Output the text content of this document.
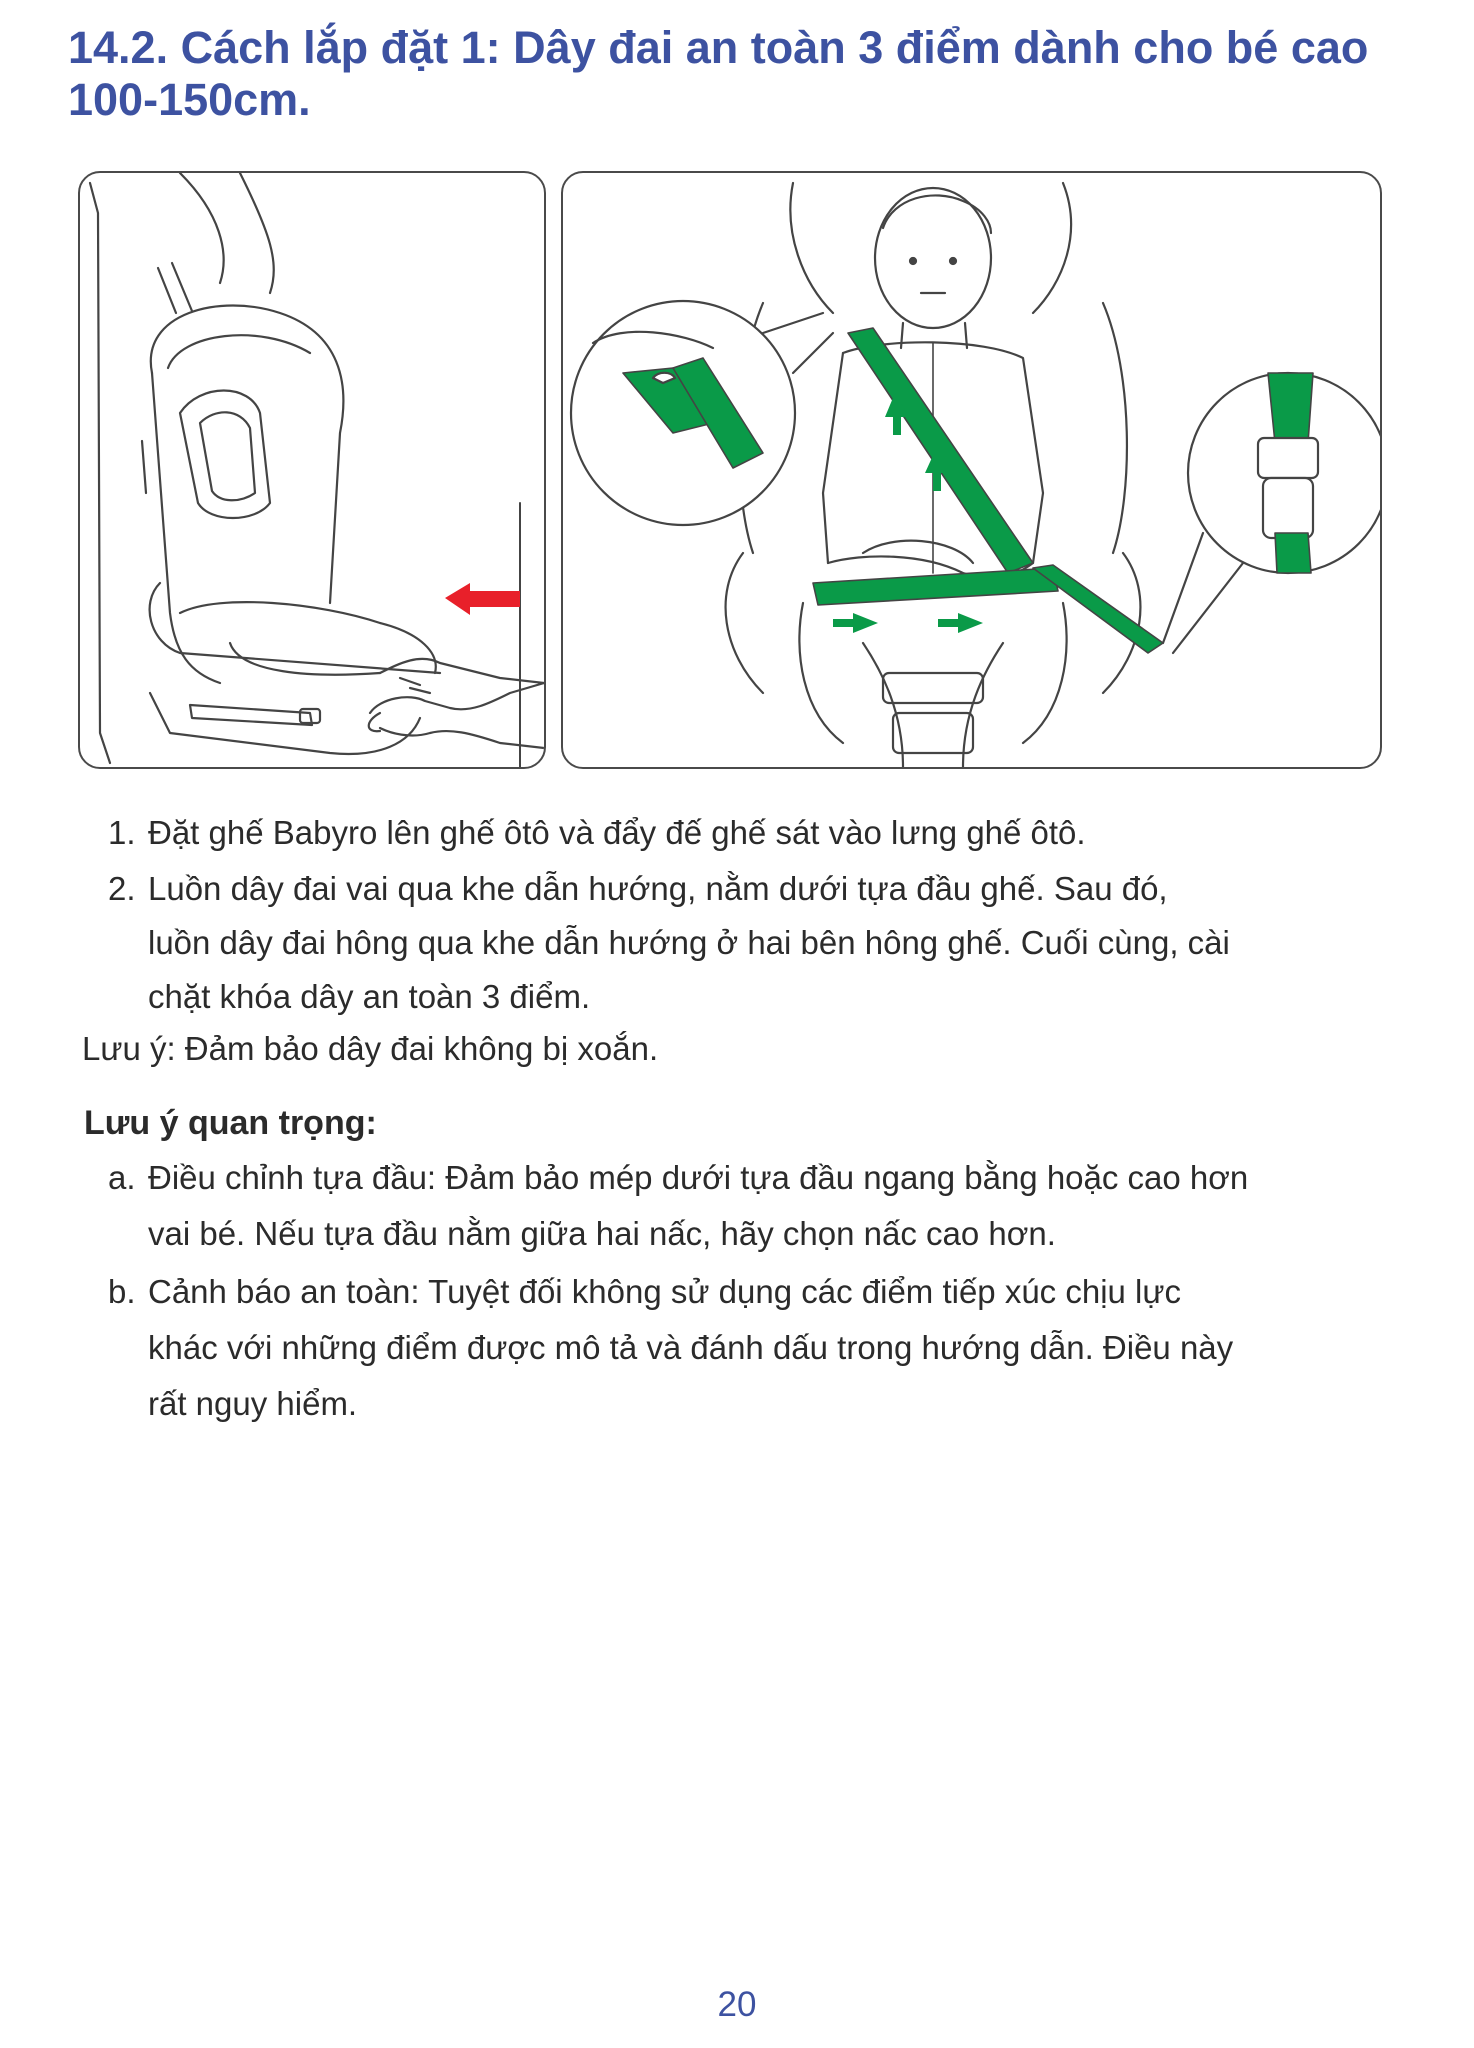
14.2. Cách lắp đặt 1: Dây đai an toàn 3 điểm dành cho bé cao 100-150cm.
1. Đặt ghế Babyro lên ghế ôtô và đẩy đế ghế sát vào lưng ghế ôtô.
2. Luồn dây đai vai qua khe dẫn hướng, nằm dưới tựa đầu ghế. Sau đó,
luồn dây đai hông qua khe dẫn hướng ở hai bên hông ghế. Cuối cùng, cài
chặt khóa dây an toàn 3 điểm.
Lưu ý: Đảm bảo dây đai không bị xoắn.
Lưu ý quan trọng:
a. Điều chỉnh tựa đầu: Đảm bảo mép dưới tựa đầu ngang bằng hoặc cao hơn
vai bé. Nếu tựa đầu nằm giữa hai nấc, hãy chọn nấc cao hơn.
b. Cảnh báo an toàn: Tuyệt đối không sử dụng các điểm tiếp xúc chịu lực
khác với những điểm được mô tả và đánh dấu trong hướng dẫn. Điều này
rất nguy hiểm.
20
